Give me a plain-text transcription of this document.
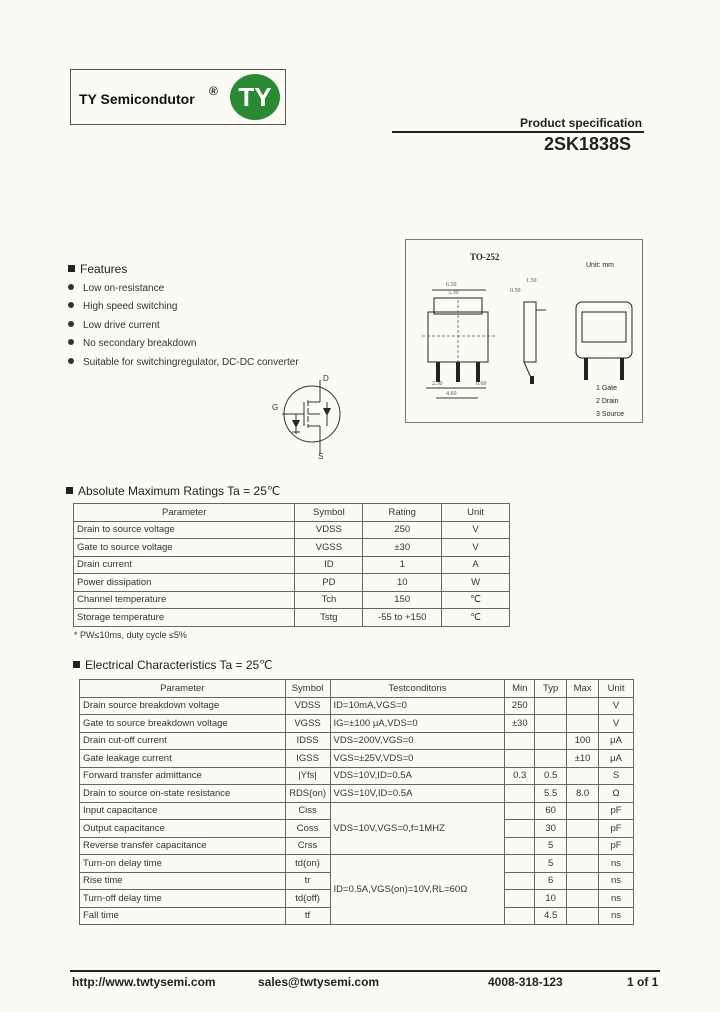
TY Semicondutor ® TY
Product specification
2SK1838S
Features
Low on-resistance
High speed switching
Low drive current
No secondary breakdown
Suitable for switchingregulator, DC-DC converter
D
G
S
TO-252
Unit: mm
2.30	0.60
4.60
6.50
5.30	0.50
1.50
1 Gate
2 Drain
3 Source
Absolute Maximum Ratings Ta = 25℃
Parameter	Symbol	Rating	Unit
Drain to source voltage	VDSS	250	V
Gate to source voltage	VGSS	±30	V
Drain current	ID	1	A
Power dissipation	PD	10	W
Channel temperature	Tch	150	℃
Storage temperature	Tstg	-55 to +150	℃
* PW≤10ms, duty cycle ≤5%
Electrical Characteristics Ta = 25℃
Parameter	Symbol	Testconditons	Min	Typ	Max	Unit
Drain source breakdown voltage	VDSS	ID=10mA,VGS=0	250			V
Gate to source breakdown voltage	VGSS	IG=±100 μA,VDS=0	±30			V
Drain cut-off current	IDSS	VDS=200V,VGS=0			100	μA
Gate leakage current	IGSS	VGS=±25V,VDS=0			±10	μA
Forward transfer admittance	|Yfs|	VDS=10V,ID=0.5A	0.3	0.5		S
Drain to source on-state resistance	RDS(on)	VGS=10V,ID=0.5A		5.5	8.0	Ω
Input capacitance	Ciss	VDS=10V,VGS=0,f=1MHZ		60		pF
Output capacitance	Coss			30		pF
Reverse transfer capacitance	Crss			5		pF
Turn-on delay time	td(on)	ID=0.5A,VGS(on)=10V,RL=60Ω		5		ns
Rise time	tr			6		ns
Turn-off delay time	td(off)			10		ns
Fall time	tf			4.5		ns
http://www.twtysemi.com	sales@twtysemi.com	4008-318-123	1 of 1
